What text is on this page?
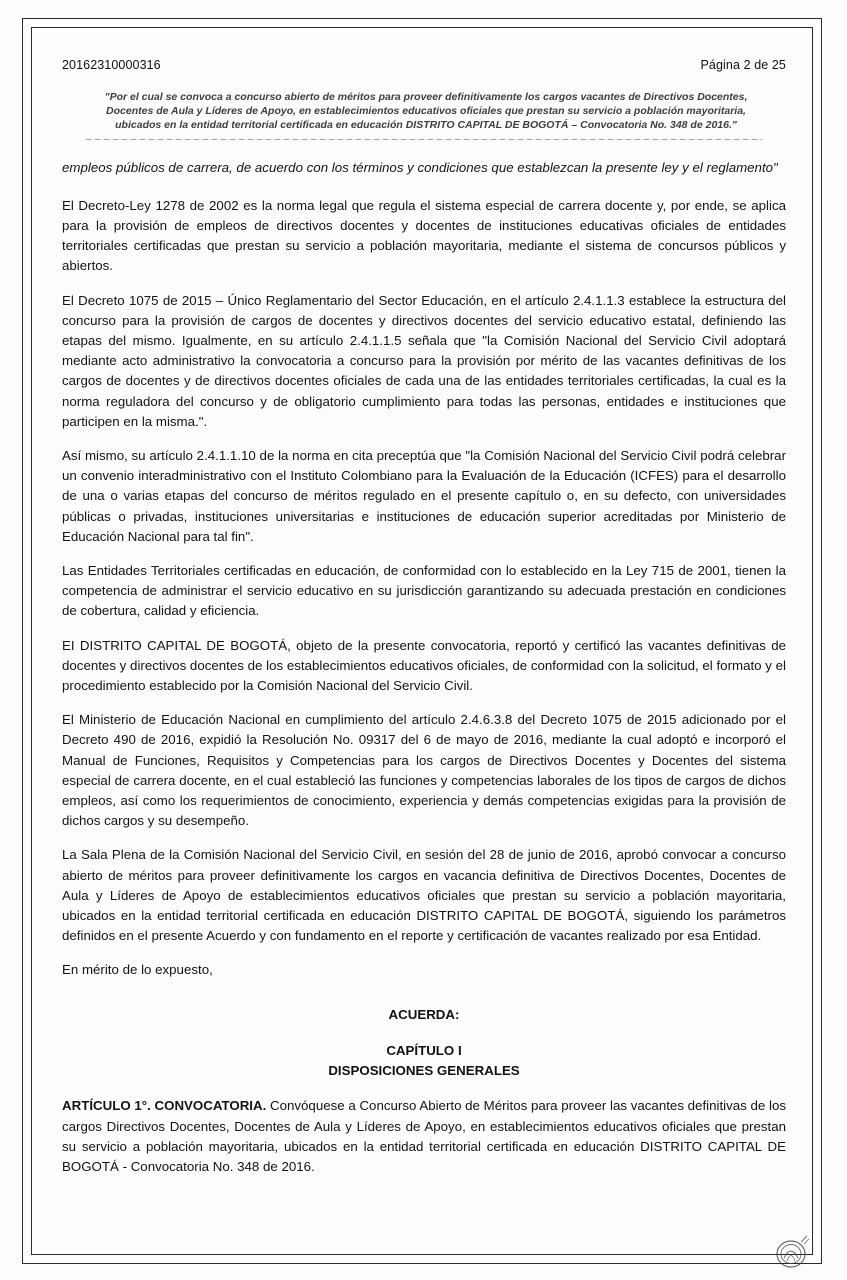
20162310000316	Página 2 de 25
"Por el cual se convoca a concurso abierto de méritos para proveer definitivamente los cargos vacantes de Directivos Docentes, Docentes de Aula y Líderes de Apoyo, en establecimientos educativos oficiales que prestan su servicio a población mayoritaria, ubicados en la entidad territorial certificada en educación DISTRITO CAPITAL DE BOGOTÁ – Convocatoria No. 348 de 2016."

empleos públicos de carrera, de acuerdo con los términos y condiciones que establezcan la presente ley y el reglamento"

El Decreto-Ley 1278 de 2002 es la norma legal que regula el sistema especial de carrera docente y, por ende, se aplica para la provisión de empleos de directivos docentes y docentes de instituciones educativas oficiales de entidades territoriales certificadas que prestan su servicio a población mayoritaria, mediante el sistema de concursos públicos y abiertos.

El Decreto 1075 de 2015 – Único Reglamentario del Sector Educación, en el artículo 2.4.1.1.3 establece la estructura del concurso para la provisión de cargos de docentes y directivos docentes del servicio educativo estatal, definiendo las etapas del mismo. Igualmente, en su artículo 2.4.1.1.5 señala que "la Comisión Nacional del Servicio Civil adoptará mediante acto administrativo la convocatoria a concurso para la provisión por mérito de las vacantes definitivas de los cargos de docentes y de directivos docentes oficiales de cada una de las entidades territoriales certificadas, la cual es la norma reguladora del concurso y de obligatorio cumplimiento para todas las personas, entidades e instituciones que participen en la misma.".

Así mismo, su artículo 2.4.1.1.10 de la norma en cita preceptúa que "la Comisión Nacional del Servicio Civil podrá celebrar un convenio interadministrativo con el Instituto Colombiano para la Evaluación de la Educación (ICFES) para el desarrollo de una o varias etapas del concurso de méritos regulado en el presente capítulo o, en su defecto, con universidades públicas o privadas, instituciones universitarias e instituciones de educación superior acreditadas por Ministerio de Educación Nacional para tal fin".

Las Entidades Territoriales certificadas en educación, de conformidad con lo establecido en la Ley 715 de 2001, tienen la competencia de administrar el servicio educativo en su jurisdicción garantizando su adecuada prestación en condiciones de cobertura, calidad y eficiencia.

EI DISTRITO CAPITAL DE BOGOTÁ, objeto de la presente convocatoria, reportó y certificó las vacantes definitivas de docentes y directivos docentes de los establecimientos educativos oficiales, de conformidad con la solicitud, el formato y el procedimiento establecido por la Comisión Nacional del Servicio Civil.

El Ministerio de Educación Nacional en cumplimiento del artículo 2.4.6.3.8 del Decreto 1075 de 2015 adicionado por el Decreto 490 de 2016, expidió la Resolución No. 09317 del 6 de mayo de 2016, mediante la cual adoptó e incorporó el Manual de Funciones, Requisitos y Competencias para los cargos de Directivos Docentes y Docentes del sistema especial de carrera docente, en el cual estableció las funciones y competencias laborales de los tipos de cargos de dichos empleos, así como los requerimientos de conocimiento, experiencia y demás competencias exigidas para la provisión de dichos cargos y su desempeño.

La Sala Plena de la Comisión Nacional del Servicio Civil, en sesión del 28 de junio de 2016, aprobó convocar a concurso abierto de méritos para proveer definitivamente los cargos en vacancia definitiva de Directivos Docentes, Docentes de Aula y Líderes de Apoyo de establecimientos educativos oficiales que prestan su servicio a población mayoritaria, ubicados en la entidad territorial certificada en educación DISTRITO CAPITAL DE BOGOTÁ, siguiendo los parámetros definidos en el presente Acuerdo y con fundamento en el reporte y certificación de vacantes realizado por esa Entidad.

En mérito de lo expuesto,

ACUERDA:

CAPÍTULO I

DISPOSICIONES GENERALES

ARTÍCULO 1°. CONVOCATORIA. Convóquese a Concurso Abierto de Méritos para proveer las vacantes definitivas de los cargos Directivos Docentes, Docentes de Aula y Líderes de Apoyo, en establecimientos educativos oficiales que prestan su servicio a población mayoritaria, ubicados en la entidad territorial certificada en educación DISTRITO CAPITAL DE BOGOTÁ - Convocatoria No. 348 de 2016.
